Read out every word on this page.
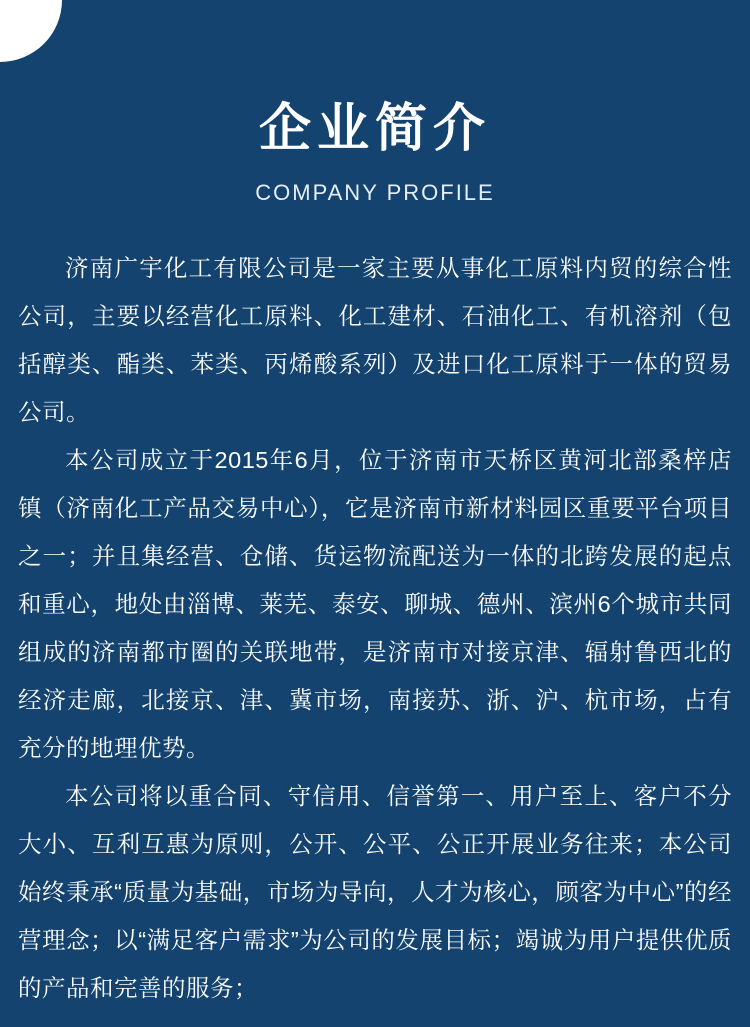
企业简介
COMPANY PROFILE

济南广宇化工有限公司是一家主要从事化工原料内贸的综合性公司，主要以经营化工原料、化工建材、石油化工、有机溶剂（包括醇类、酯类、苯类、丙烯酸系列）及进口化工原料于一体的贸易公司。

本公司成立于2015年6月，位于济南市天桥区黄河北部桑梓店镇（济南化工产品交易中心），它是济南市新材料园区重要平台项目之一；并且集经营、仓储、货运物流配送为一体的北跨发展的起点和重心，地处由淄博、莱芜、泰安、聊城、德州、滨州6个城市共同组成的济南都市圈的关联地带，是济南市对接京津、辐射鲁西北的经济走廊，北接京、津、冀市场，南接苏、浙、沪、杭市场，占有充分的地理优势。

本公司将以重合同、守信用、信誉第一、用户至上、客户不分大小、互利互惠为原则，公开、公平、公正开展业务往来；本公司始终秉承“质量为基础，市场为导向，人才为核心，顾客为中心”的经营理念；以“满足客户需求”为公司的发展目标；竭诚为用户提供优质的产品和完善的服务；
